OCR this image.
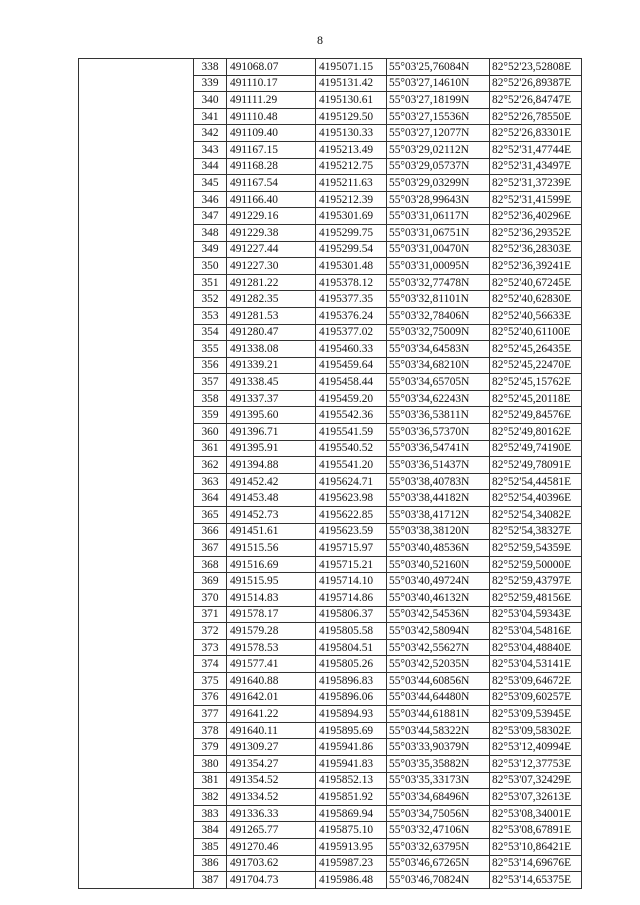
8
	338	491068.07	4195071.15	55°03'25,76084N	82°52'23,52808E
	339	491110.17	4195131.42	55°03'27,14610N	82°52'26,89387E
	340	491111.29	4195130.61	55°03'27,18199N	82°52'26,84747E
	341	491110.48	4195129.50	55°03'27,15536N	82°52'26,78550E
	342	491109.40	4195130.33	55°03'27,12077N	82°52'26,83301E
	343	491167.15	4195213.49	55°03'29,02112N	82°52'31,47744E
	344	491168.28	4195212.75	55°03'29,05737N	82°52'31,43497E
	345	491167.54	4195211.63	55°03'29,03299N	82°52'31,37239E
	346	491166.40	4195212.39	55°03'28,99643N	82°52'31,41599E
	347	491229.16	4195301.69	55°03'31,06117N	82°52'36,40296E
	348	491229.38	4195299.75	55°03'31,06751N	82°52'36,29352E
	349	491227.44	4195299.54	55°03'31,00470N	82°52'36,28303E
	350	491227.30	4195301.48	55°03'31,00095N	82°52'36,39241E
	351	491281.22	4195378.12	55°03'32,77478N	82°52'40,67245E
	352	491282.35	4195377.35	55°03'32,81101N	82°52'40,62830E
	353	491281.53	4195376.24	55°03'32,78406N	82°52'40,56633E
	354	491280.47	4195377.02	55°03'32,75009N	82°52'40,61100E
	355	491338.08	4195460.33	55°03'34,64583N	82°52'45,26435E
	356	491339.21	4195459.64	55°03'34,68210N	82°52'45,22470E
	357	491338.45	4195458.44	55°03'34,65705N	82°52'45,15762E
	358	491337.37	4195459.20	55°03'34,62243N	82°52'45,20118E
	359	491395.60	4195542.36	55°03'36,53811N	82°52'49,84576E
	360	491396.71	4195541.59	55°03'36,57370N	82°52'49,80162E
	361	491395.91	4195540.52	55°03'36,54741N	82°52'49,74190E
	362	491394.88	4195541.20	55°03'36,51437N	82°52'49,78091E
	363	491452.42	4195624.71	55°03'38,40783N	82°52'54,44581E
	364	491453.48	4195623.98	55°03'38,44182N	82°52'54,40396E
	365	491452.73	4195622.85	55°03'38,41712N	82°52'54,34082E
	366	491451.61	4195623.59	55°03'38,38120N	82°52'54,38327E
	367	491515.56	4195715.97	55°03'40,48536N	82°52'59,54359E
	368	491516.69	4195715.21	55°03'40,52160N	82°52'59,50000E
	369	491515.95	4195714.10	55°03'40,49724N	82°52'59,43797E
	370	491514.83	4195714.86	55°03'40,46132N	82°52'59,48156E
	371	491578.17	4195806.37	55°03'42,54536N	82°53'04,59343E
	372	491579.28	4195805.58	55°03'42,58094N	82°53'04,54816E
	373	491578.53	4195804.51	55°03'42,55627N	82°53'04,48840E
	374	491577.41	4195805.26	55°03'42,52035N	82°53'04,53141E
	375	491640.88	4195896.83	55°03'44,60856N	82°53'09,64672E
	376	491642.01	4195896.06	55°03'44,64480N	82°53'09,60257E
	377	491641.22	4195894.93	55°03'44,61881N	82°53'09,53945E
	378	491640.11	4195895.69	55°03'44,58322N	82°53'09,58302E
	379	491309.27	4195941.86	55°03'33,90379N	82°53'12,40994E
	380	491354.27	4195941.83	55°03'35,35882N	82°53'12,37753E
	381	491354.52	4195852.13	55°03'35,33173N	82°53'07,32429E
	382	491334.52	4195851.92	55°03'34,68496N	82°53'07,32613E
	383	491336.33	4195869.94	55°03'34,75056N	82°53'08,34001E
	384	491265.77	4195875.10	55°03'32,47106N	82°53'08,67891E
	385	491270.46	4195913.95	55°03'32,63795N	82°53'10,86421E
	386	491703.62	4195987.23	55°03'46,67265N	82°53'14,69676E
	387	491704.73	4195986.48	55°03'46,70824N	82°53'14,65375E
